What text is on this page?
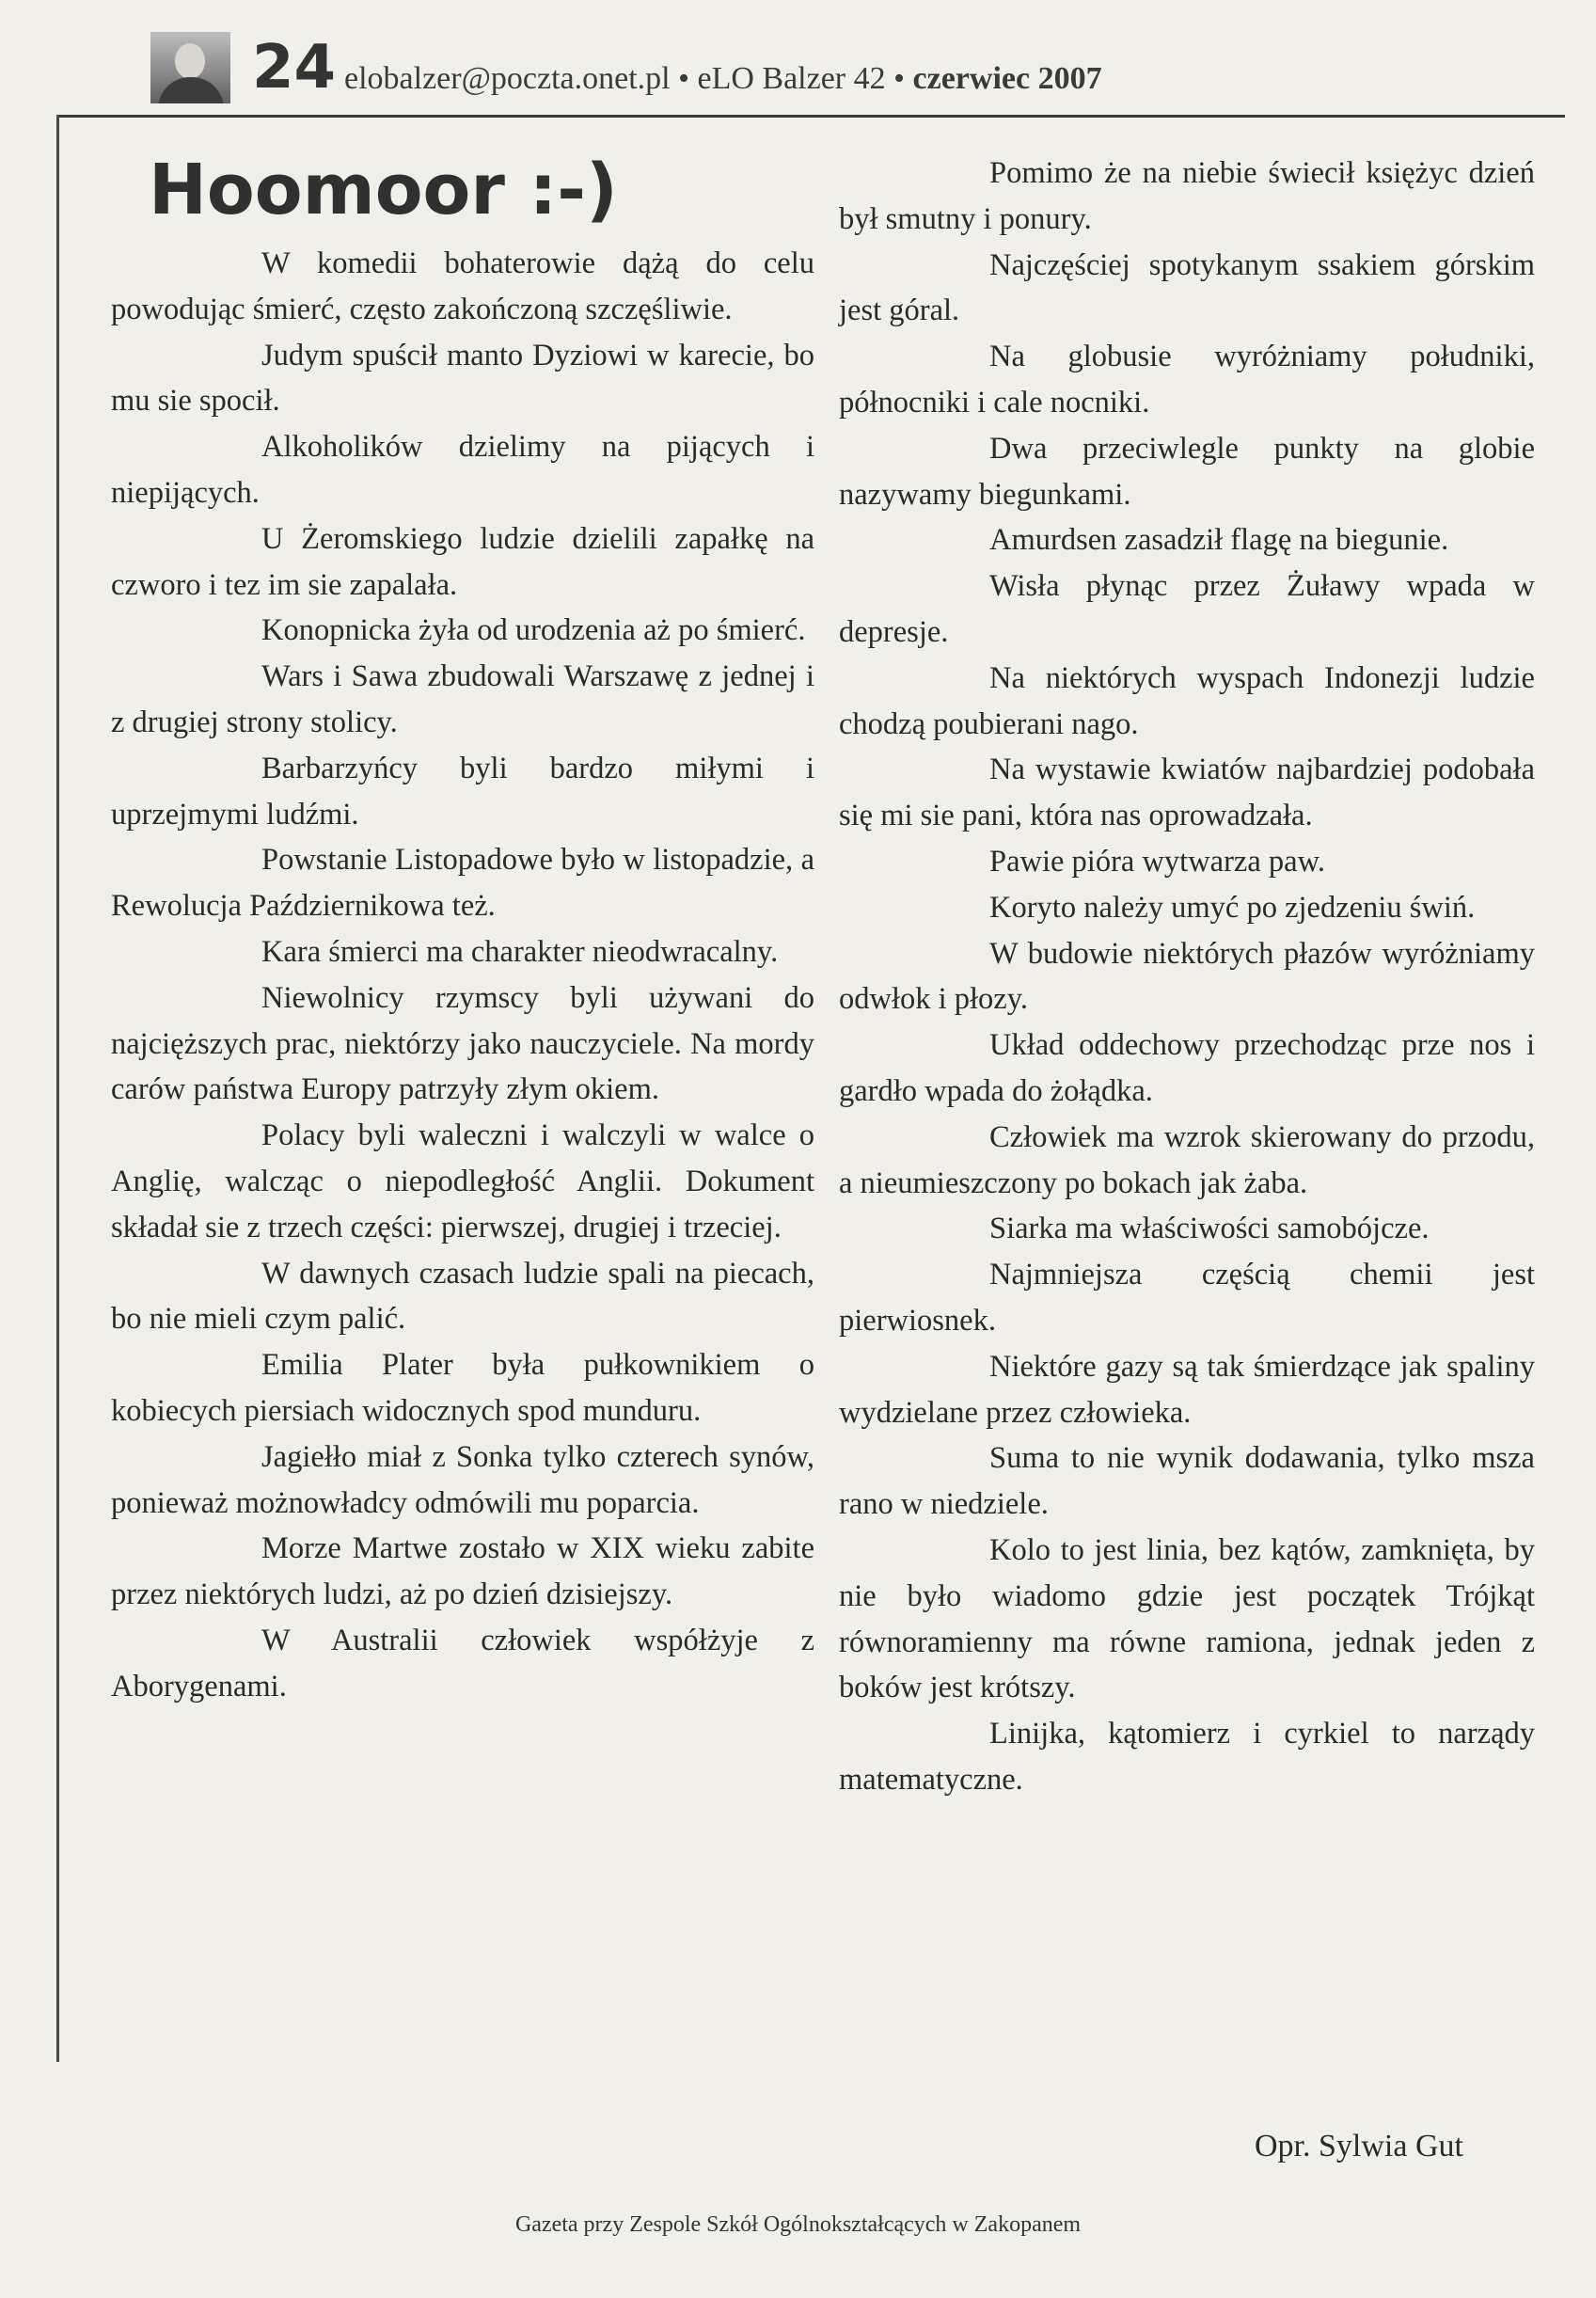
24 elobalzer@poczta.onet.pl • eLO Balzer 42 • czerwiec 2007
Hoomoor :-)

W komedii bohaterowie dążą do celu powodując śmierć, często zakończoną szczęśliwie.

Judym spuścił manto Dyziowi w karecie, bo mu sie spocił.

Alkoholików dzielimy na pijących i niepijących.

U Żeromskiego ludzie dzielili zapałkę na czworo i tez im sie zapalała.

Konopnicka żyła od urodzenia aż po śmierć.

Wars i Sawa zbudowali Warszawę z jednej i z drugiej strony stolicy.

Barbarzyńcy byli bardzo miłymi i uprzejmymi ludźmi.

Powstanie Listopadowe było w listopadzie, a Rewolucja Październikowa też.

Kara śmierci ma charakter nieodwracalny.

Niewolnicy rzymscy byli używani do najcięższych prac, niektórzy jako nauczyciele. Na mordy carów państwa Europy patrzyły złym okiem.

Polacy byli waleczni i walczyli w walce o Anglię, walcząc o niepodległość Anglii. Dokument składał sie z trzech części: pierwszej, drugiej i trzeciej.

W dawnych czasach ludzie spali na piecach, bo nie mieli czym palić.

Emilia Plater była pułkownikiem o kobiecych piersiach widocznych spod munduru.

Jagiełło miał z Sonka tylko czterech synów, ponieważ możnowładcy odmówili mu poparcia.

Morze Martwe zostało w XIX wieku zabite przez niektórych ludzi, aż po dzień dzisiejszy.

W Australii człowiek współżyje z Aborygenami.

Pomimo że na niebie świecił księżyc dzień był smutny i ponury.

Najczęściej spotykanym ssakiem górskim jest góral.

Na globusie wyróżniamy południki, północniki i cale nocniki.

Dwa przeciwlegle punkty na globie nazywamy biegunkami.

Amurdsen zasadził flagę na biegunie.

Wisła płynąc przez Żuławy wpada w depresje.

Na niektórych wyspach Indonezji ludzie chodzą poubierani nago.

Na wystawie kwiatów najbardziej podobała się mi sie pani, która nas oprowadzała.

Pawie pióra wytwarza paw.

Koryto należy umyć po zjedzeniu świń.

W budowie niektórych płazów wyróżniamy odwłok i płozy.

Układ oddechowy przechodząc prze nos i gardło wpada do żołądka.

Człowiek ma wzrok skierowany do przodu, a nieumieszczony po bokach jak żaba.

Siarka ma właściwości samobójcze.

Najmniejsza częścią chemii jest pierwiosnek.

Niektóre gazy są tak śmierdzące jak spaliny wydzielane przez człowieka.

Suma to nie wynik dodawania, tylko msza rano w niedziele.

Kolo to jest linia, bez kątów, zamknięta, by nie było wiadomo gdzie jest początek Trójkąt równoramienny ma równe ramiona, jednak jeden z boków jest krótszy.

Linijka, kątomierz i cyrkiel to narządy matematyczne.

Opr. Sylwia Gut
Gazeta przy Zespole Szkół Ogólnokształcących w Zakopanem
